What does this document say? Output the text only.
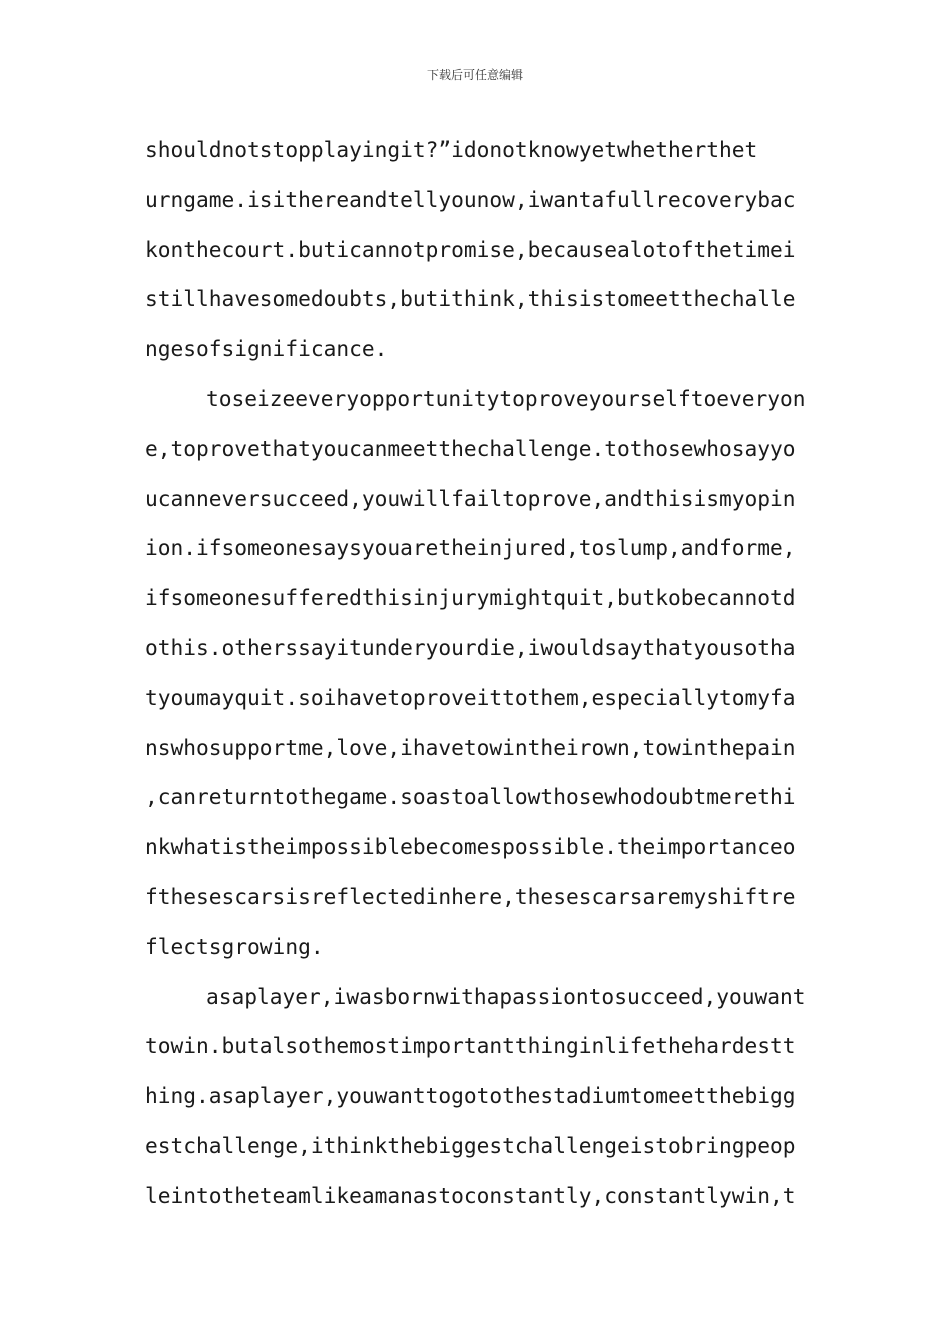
下载后可任意编辑
shouldnotstopplayingit?”idonotknowyetwhetherthet
urngame.isithereandtellyounow,iwantafullrecoverybac
konthecourt.buticannotpromise,becausealotofthetimei
stillhavesomedoubts,butithink,thisistomeetthechalle
ngesofsignificance.
toseizeeveryopportunitytoproveyourselftoeveryon
e,toprovethatyoucanmeetthechallenge.tothosewhosayyo
ucanneversucceed,youwillfailtoprove,andthisismyopin
ion.ifsomeonesaysyouaretheinjured,toslump,andforme,
ifsomeonesufferedthisinjurymightquit,butkobecannotd
othis.otherssayitunderyourdie,iwouldsaythatyousotha
tyoumayquit.soihavetoproveittothem,especiallytomyfa
nswhosupportme,love,ihavetowintheirown,towinthepain
,canreturntothegame.soastoallowthosewhodoubtmerethi
nkwhatistheimpossiblebecomespossible.theimportanceo
fthesescarsisreflectedinhere,thesescarsaremyshiftre
flectsgrowing.
asaplayer,iwasbornwithapassiontosucceed,youwant
towin.butalsothemostimportantthinginlifethehardestt
hing.asaplayer,youwanttogotothestadiumtomeetthebigg
estchallenge,ithinkthebiggestchallengeistobringpeop
leintotheteamlikeamanastoconstantly,constantlywin,t
